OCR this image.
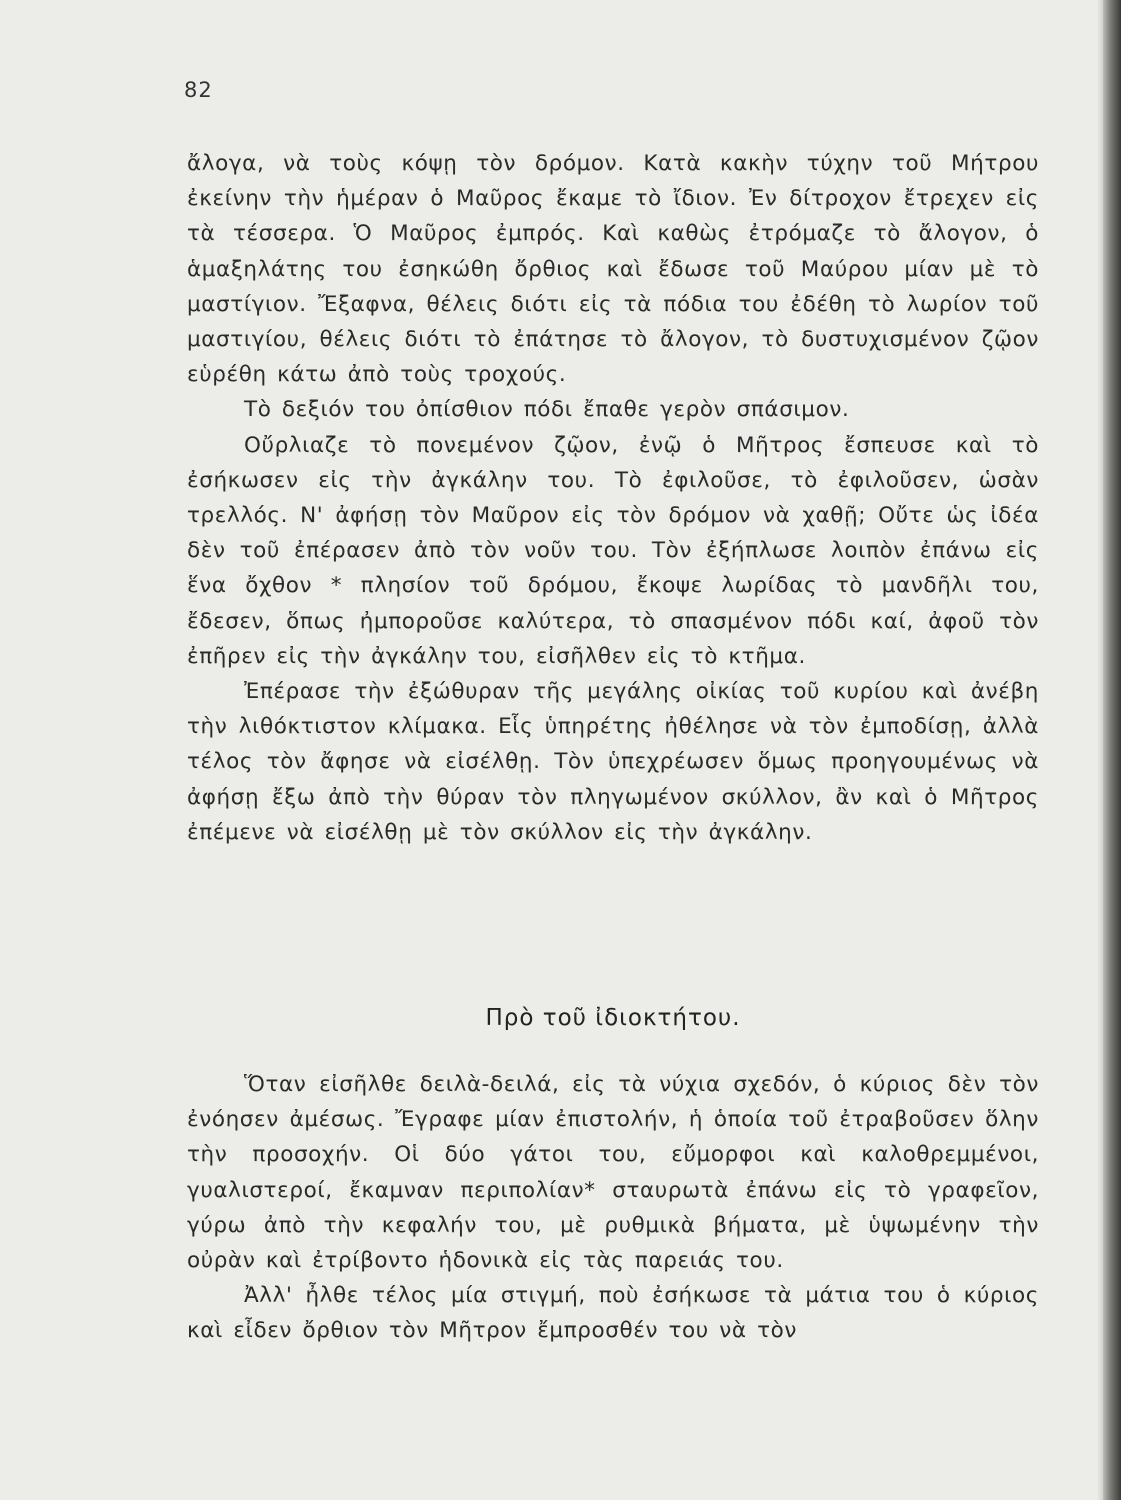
82

ἄλογα, νὰ τοὺς κόψῃ τὸν δρόμον. Κατὰ κακὴν τύχην τοῦ Μήτρου ἐκείνην τὴν ἡμέραν ὁ Μαῦρος ἔκαμε τὸ ἴδιον. Ἐν δίτροχον ἔτρεχεν εἰς τὰ τέσσερα. Ὁ Μαῦρος ἐμπρός. Καὶ καθὼς ἐτρόμαζε τὸ ἄλογον, ὁ ἁμαξηλάτης του ἐσηκώθη ὄρθιος καὶ ἔδωσε τοῦ Μαύρου μίαν μὲ τὸ μαστίγιον. Ἔξαφνα, θέλεις διότι εἰς τὰ πόδια του ἐδέθη τὸ λωρίον τοῦ μαστιγίου, θέλεις διότι τὸ ἐπάτησε τὸ ἄλογον, τὸ δυστυχισμένον ζῷον εὑρέθη κάτω ἀπὸ τοὺς τροχούς.

Τὸ δεξιόν του ὀπίσθιον πόδι ἔπαθε γερὸν σπάσιμον.

Οὔρλιαζε τὸ πονεμένον ζῷον, ἐνῷ ὁ Μῆτρος ἔσπευσε καὶ τὸ ἐσήκωσεν εἰς τὴν ἀγκάλην του. Τὸ ἐφιλοῦσε, τὸ ἐφιλοῦσεν, ὡσὰν τρελλός. Ν' ἀφήσῃ τὸν Μαῦρον εἰς τὸν δρόμον νὰ χαθῇ; Οὔτε ὡς ἰδέα δὲν τοῦ ἐπέρασεν ἀπὸ τὸν νοῦν του. Τὸν ἐξήπλωσε λοιπὸν ἐπάνω εἰς ἕνα ὄχθον * πλησίον τοῦ δρόμου, ἔκοψε λωρίδας τὸ μανδῆλι του, ἔδεσεν, ὅπως ἠμποροῦσε καλύτερα, τὸ σπασμένον πόδι καί, ἀφοῦ τὸν ἐπῆρεν εἰς τὴν ἀγκάλην του, εἰσῆλθεν εἰς τὸ κτῆμα.

Ἐπέρασε τὴν ἐξώθυραν τῆς μεγάλης οἰκίας τοῦ κυρίου καὶ ἀνέβη τὴν λιθόκτιστον κλίμακα. Εἷς ὑπηρέτης ἠθέλησε νὰ τὸν ἐμποδίσῃ, ἀλλὰ τέλος τὸν ἄφησε νὰ εἰσέλθῃ. Τὸν ὑπεχρέωσεν ὅμως προηγουμένως νὰ ἀφήσῃ ἔξω ἀπὸ τὴν θύραν τὸν πληγωμένον σκύλλον, ἂν καὶ ὁ Μῆτρος ἐπέμενε νὰ εἰσέλθῃ μὲ τὸν σκύλλον εἰς τὴν ἀγκάλην.

Πρὸ τοῦ ἰδιοκτήτου.

Ὅταν εἰσῆλθε δειλὰ-δειλά, εἰς τὰ νύχια σχεδόν, ὁ κύριος δὲν τὸν ἐνόησεν ἀμέσως. Ἔγραφε μίαν ἐπιστολήν, ἡ ὁποία τοῦ ἐτραβοῦσεν ὅλην τὴν προσοχήν. Οἱ δύο γάτοι του, εὔμορφοι καὶ καλοθρεμμένοι, γυαλιστεροί, ἔκαμναν περιπολίαν* σταυρωτὰ ἐπάνω εἰς τὸ γραφεῖον, γύρω ἀπὸ τὴν κεφαλήν του, μὲ ρυθμικὰ βήματα, μὲ ὑψωμένην τὴν οὐρὰν καὶ ἐτρίβοντο ἡδονικὰ εἰς τὰς παρειάς του.

Ἀλλ' ἦλθε τέλος μία στιγμή, ποὺ ἐσήκωσε τὰ μάτια του ὁ κύριος καὶ εἶδεν ὄρθιον τὸν Μῆτρον ἔμπροσθέν του νὰ τὸν
